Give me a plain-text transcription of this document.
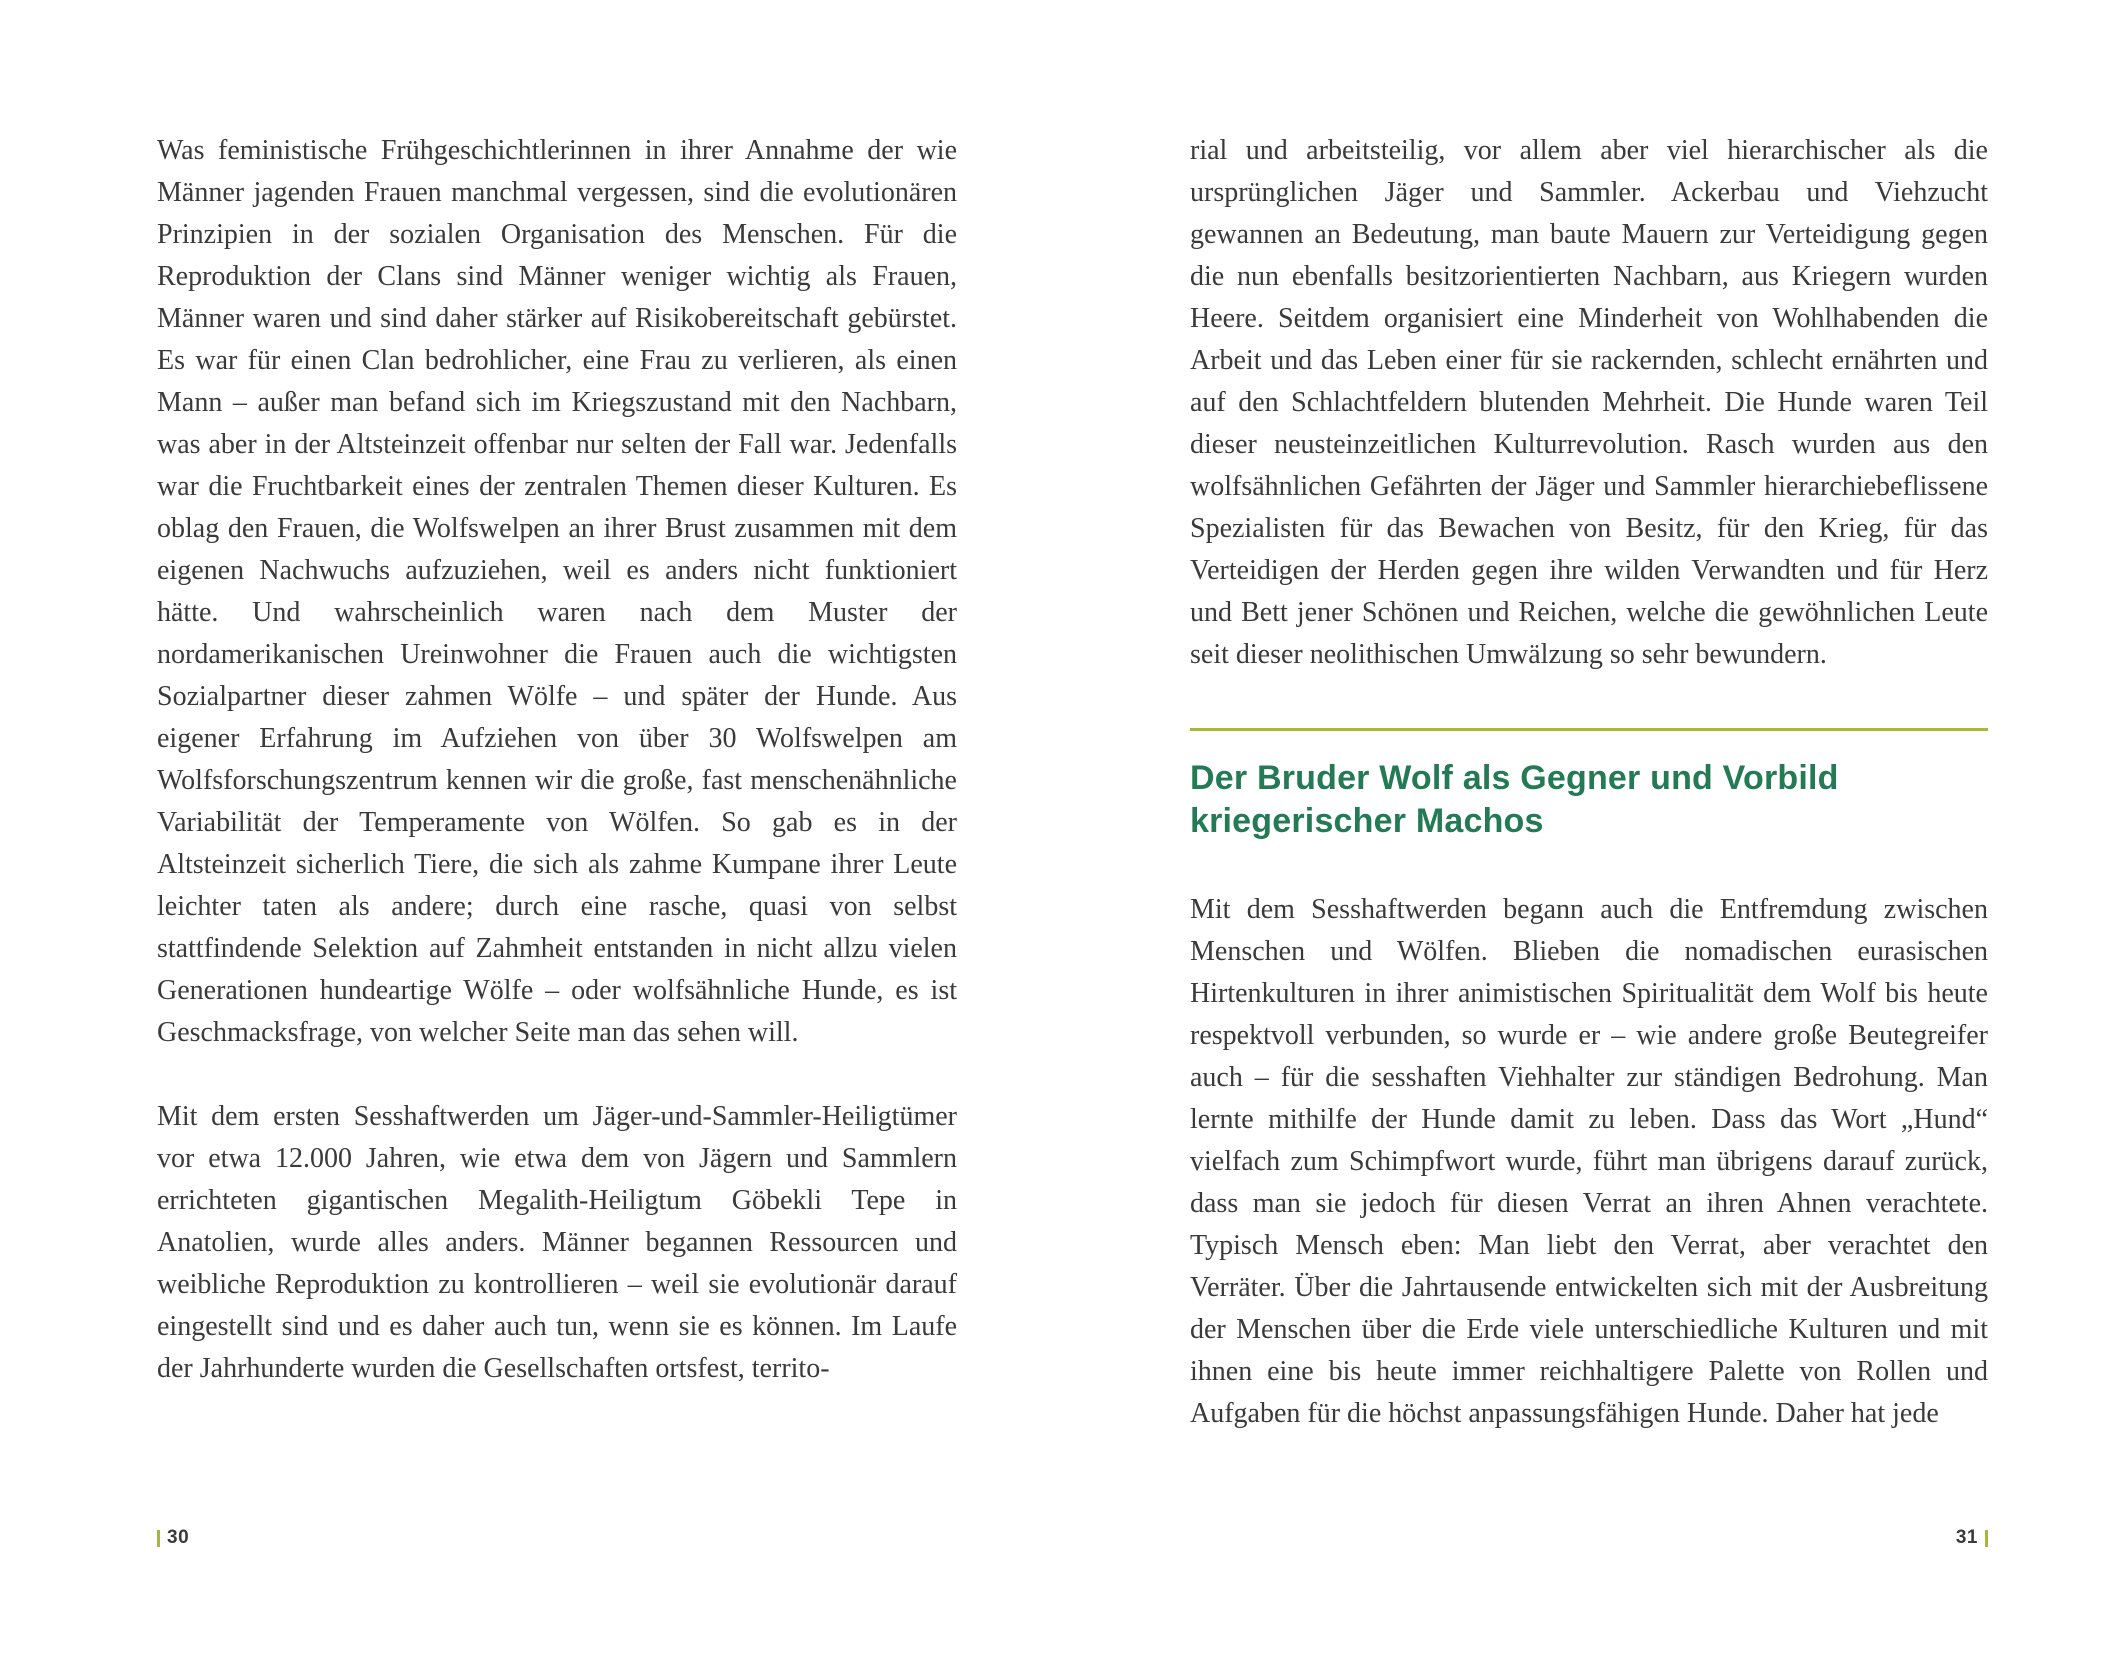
Was feministische Frühgeschichtlerinnen in ihrer Annahme der wie Männer jagenden Frauen manchmal vergessen, sind die evolutionären Prinzipien in der sozialen Organisation des Menschen. Für die Reproduktion der Clans sind Männer weniger wichtig als Frauen, Männer waren und sind daher stärker auf Risikobereitschaft gebürstet. Es war für einen Clan bedrohlicher, eine Frau zu verlieren, als einen Mann – außer man befand sich im Kriegszustand mit den Nachbarn, was aber in der Altsteinzeit offenbar nur selten der Fall war. Jedenfalls war die Fruchtbarkeit eines der zentralen Themen dieser Kulturen. Es oblag den Frauen, die Wolfswelpen an ihrer Brust zusammen mit dem eigenen Nachwuchs aufzuziehen, weil es anders nicht funktioniert hätte. Und wahrscheinlich waren nach dem Muster der nordamerikanischen Ureinwohner die Frauen auch die wichtigsten Sozialpartner dieser zahmen Wölfe – und später der Hunde. Aus eigener Erfahrung im Aufziehen von über 30 Wolfswelpen am Wolfsforschungszentrum kennen wir die große, fast menschenähnliche Variabilität der Temperamente von Wölfen. So gab es in der Altsteinzeit sicherlich Tiere, die sich als zahme Kumpane ihrer Leute leichter taten als andere; durch eine rasche, quasi von selbst stattfindende Selektion auf Zahmheit entstanden in nicht allzu vielen Generationen hundeartige Wölfe – oder wolfsähnliche Hunde, es ist Geschmacksfrage, von welcher Seite man das sehen will.

Mit dem ersten Sesshaftwerden um Jäger-und-Sammler-Heiligtümer vor etwa 12.000 Jahren, wie etwa dem von Jägern und Sammlern errichteten gigantischen Megalith-Heiligtum Göbekli Tepe in Anatolien, wurde alles anders. Männer begannen Ressourcen und weibliche Reproduktion zu kontrollieren – weil sie evolutionär darauf eingestellt sind und es daher auch tun, wenn sie es können. Im Laufe der Jahrhunderte wurden die Gesellschaften ortsfest, territo-

30

rial und arbeitsteilig, vor allem aber viel hierarchischer als die ursprünglichen Jäger und Sammler. Ackerbau und Viehzucht gewannen an Bedeutung, man baute Mauern zur Verteidigung gegen die nun ebenfalls besitzorientierten Nachbarn, aus Kriegern wurden Heere. Seitdem organisiert eine Minderheit von Wohlhabenden die Arbeit und das Leben einer für sie rackernden, schlecht ernährten und auf den Schlachtfeldern blutenden Mehrheit. Die Hunde waren Teil dieser neusteinzeitlichen Kulturrevolution. Rasch wurden aus den wolfsähnlichen Gefährten der Jäger und Sammler hierarchiebeflissene Spezialisten für das Bewachen von Besitz, für den Krieg, für das Verteidigen der Herden gegen ihre wilden Verwandten und für Herz und Bett jener Schönen und Reichen, welche die gewöhnlichen Leute seit dieser neolithischen Umwälzung so sehr bewundern.

Der Bruder Wolf als Gegner und Vorbild kriegerischer Machos

Mit dem Sesshaftwerden begann auch die Entfremdung zwischen Menschen und Wölfen. Blieben die nomadischen eurasischen Hirtenkulturen in ihrer animistischen Spiritualität dem Wolf bis heute respektvoll verbunden, so wurde er – wie andere große Beutegreifer auch – für die sesshaften Viehhalter zur ständigen Bedrohung. Man lernte mithilfe der Hunde damit zu leben. Dass das Wort „Hund“ vielfach zum Schimpfwort wurde, führt man übrigens darauf zurück, dass man sie jedoch für diesen Verrat an ihren Ahnen verachtete. Typisch Mensch eben: Man liebt den Verrat, aber verachtet den Verräter. Über die Jahrtausende entwickelten sich mit der Ausbreitung der Menschen über die Erde viele unterschiedliche Kulturen und mit ihnen eine bis heute immer reichhaltigere Palette von Rollen und Aufgaben für die höchst anpassungsfähigen Hunde. Daher hat jede

31
